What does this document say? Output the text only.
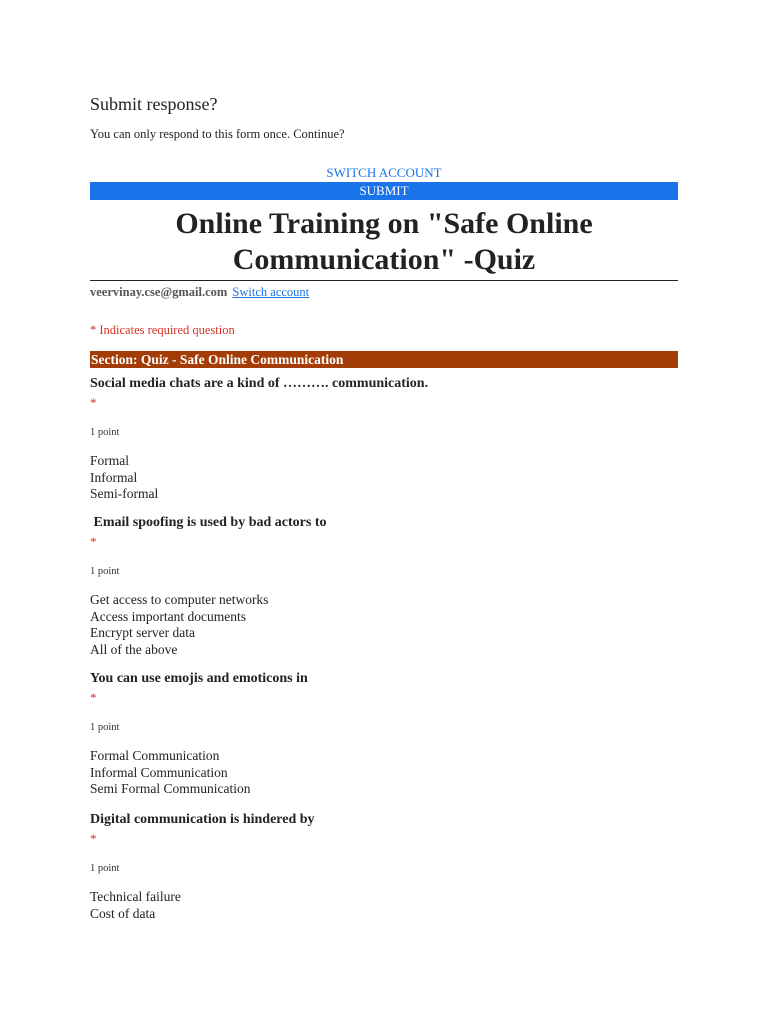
Submit response?
You can only respond to this form once. Continue?
SWITCH ACCOUNT
SUBMIT
Online Training on "Safe Online Communication" -Quiz
veervinay.cse@gmail.com Switch account
* Indicates required question
Section: Quiz - Safe Online Communication

Social media chats are a kind of ………. communication.

*
1 point
Formal
Informal
Semi-formal

Email spoofing is used by bad actors to

*
1 point
Get access to computer networks
Access important documents
Encrypt server data
All of the above

You can use emojis and emoticons in

*
1 point
Formal Communication
Informal Communication
Semi Formal Communication

Digital communication is hindered by

*
1 point
Technical failure
Cost of data
